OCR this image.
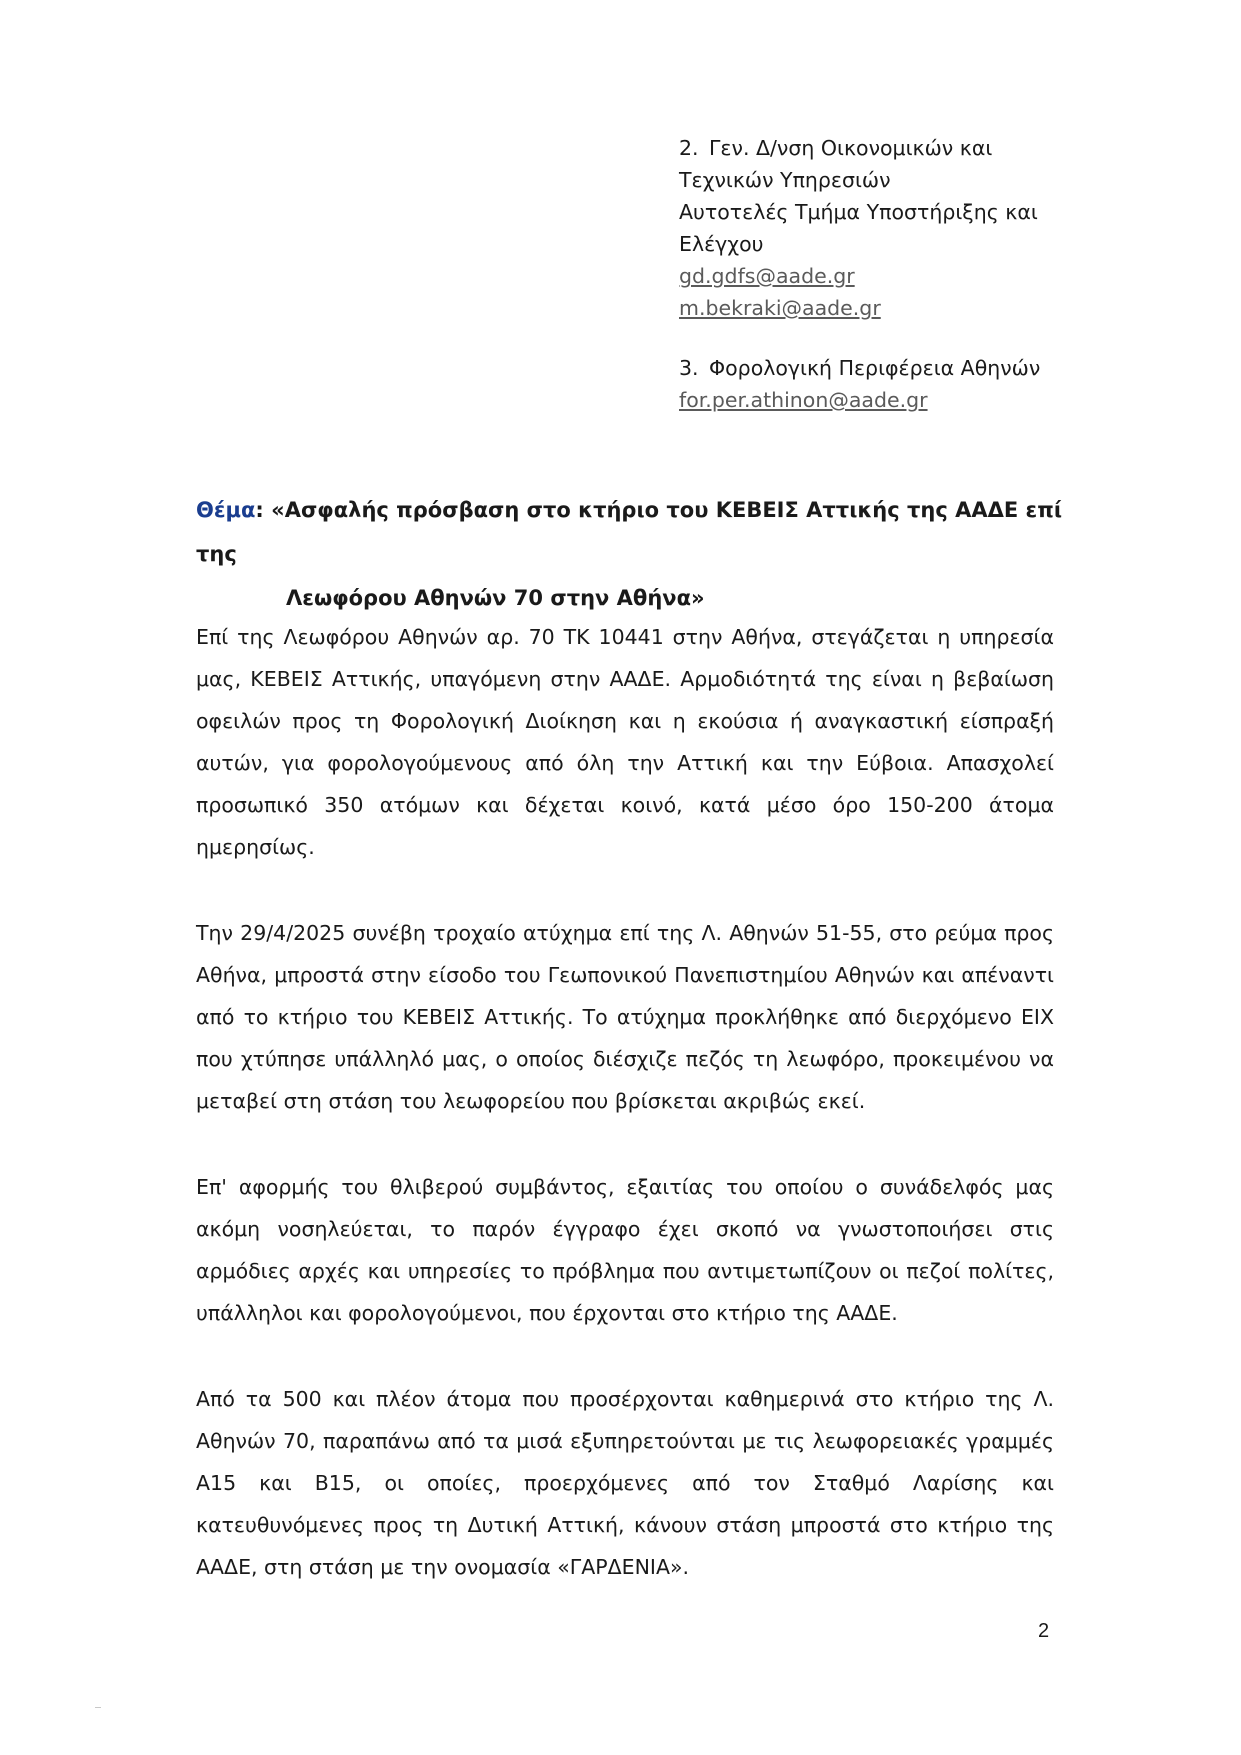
2. Γεν. Δ/νση Οικονομικών και
Τεχνικών Υπηρεσιών
Αυτοτελές Τμήμα Υποστήριξης και
Ελέγχου
gd.gdfs@aade.gr
m.bekraki@aade.gr
3. Φορολογική Περιφέρεια Αθηνών
for.per.athinon@aade.gr
Θέμα: «Ασφαλής πρόσβαση στο κτήριο του ΚΕΒΕΙΣ Αττικής της ΑΑΔΕ επί της
Λεωφόρου Αθηνών 70 στην Αθήνα»

Επί της Λεωφόρου Αθηνών αρ. 70 ΤΚ 10441 στην Αθήνα, στεγάζεται η υπηρεσία μας, ΚΕΒΕΙΣ Αττικής, υπαγόμενη στην ΑΑΔΕ. Αρμοδιότητά της είναι η βεβαίωση οφειλών προς τη Φορολογική Διοίκηση και η εκούσια ή αναγκαστική είσπραξή αυτών, για φορολογούμενους από όλη την Αττική και την Εύβοια. Απασχολεί προσωπικό 350 ατόμων και δέχεται κοινό, κατά μέσο όρο 150-200 άτομα ημερησίως.

Την 29/4/2025 συνέβη τροχαίο ατύχημα επί της Λ. Αθηνών 51-55, στο ρεύμα προς Αθήνα, μπροστά στην είσοδο του Γεωπονικού Πανεπιστημίου Αθηνών και απέναντι από το κτήριο του ΚΕΒΕΙΣ Αττικής. Το ατύχημα προκλήθηκε από διερχόμενο ΕΙΧ που χτύπησε υπάλληλό μας, ο οποίος διέσχιζε πεζός τη λεωφόρο, προκειμένου να μεταβεί στη στάση του λεωφορείου που βρίσκεται ακριβώς εκεί.

Επ' αφορμής του θλιβερού συμβάντος, εξαιτίας του οποίου ο συνάδελφός μας ακόμη νοσηλεύεται, το παρόν έγγραφο έχει σκοπό να γνωστοποιήσει στις αρμόδιες αρχές και υπηρεσίες το πρόβλημα που αντιμετωπίζουν οι πεζοί πολίτες, υπάλληλοι και φορολογούμενοι, που έρχονται στο κτήριο της ΑΑΔΕ.

Από τα 500 και πλέον άτομα που προσέρχονται καθημερινά στο κτήριο της Λ. Αθηνών 70, παραπάνω από τα μισά εξυπηρετούνται με τις λεωφορειακές γραμμές Α15 και Β15, οι οποίες, προερχόμενες από τον Σταθμό Λαρίσης και κατευθυνόμενες προς τη Δυτική Αττική, κάνουν στάση μπροστά στο κτήριο της ΑΑΔΕ, στη στάση με την ονομασία «ΓΑΡΔΕΝΙΑ».

2
